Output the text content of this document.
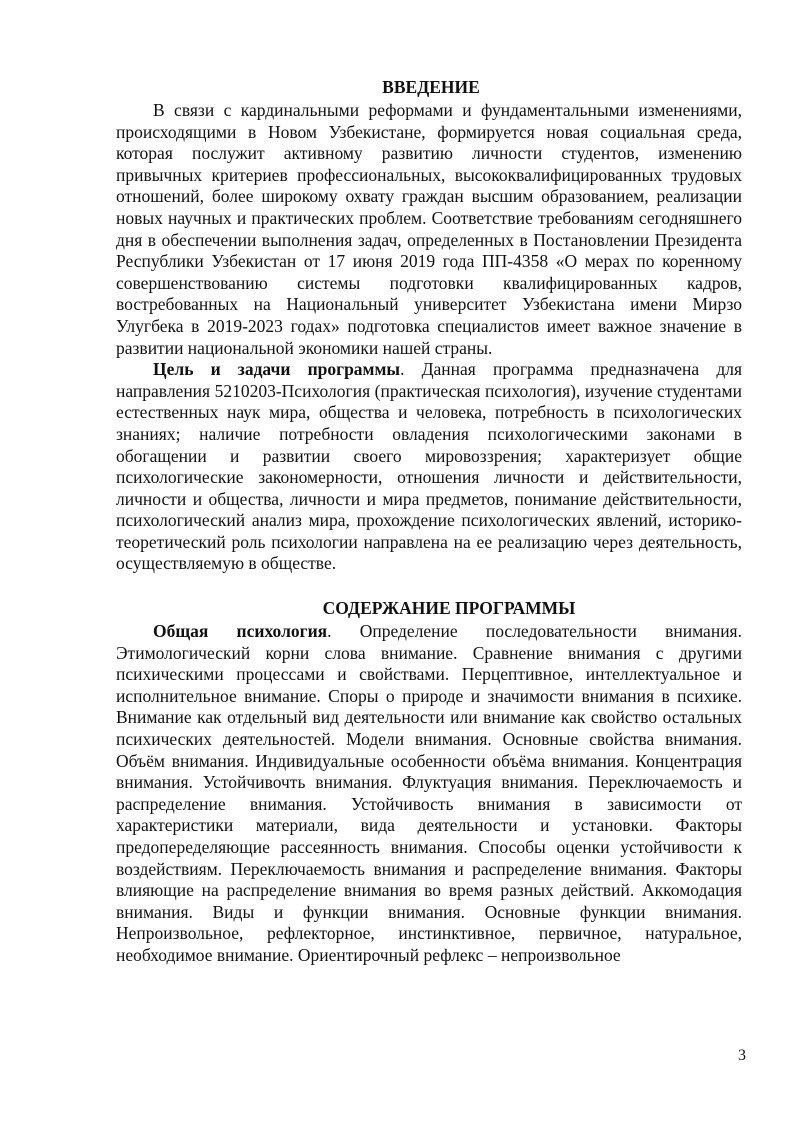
ВВЕДЕНИЕ

В связи с кардинальными реформами и фундаментальными изменениями, происходящими в Новом Узбекистане, формируется новая социальная среда, которая послужит активному развитию личности студентов, изменению привычных критериев профессиональных, высококвалифицированных трудовых отношений, более широкому охвату граждан высшим образованием, реализации новых научных и практических проблем. Соответствие требованиям сегодняшнего дня в обеспечении выполнения задач, определенных в Постановлении Президента Республики Узбекистан от 17 июня 2019 года ПП-4358 «О мерах по коренному совершенствованию системы подготовки квалифицированных кадров, востребованных на Национальный университет Узбекистана имени Мирзо Улугбека в 2019-2023 годах» подготовка специалистов имеет важное значение в развитии национальной экономики нашей страны.

Цель и задачи программы. Данная программа предназначена для направления 5210203-Психология (практическая психология), изучение студентами естественных наук мира, общества и человека, потребность в психологических знаниях; наличие потребности овладения психологическими законами в обогащении и развитии своего мировоззрения; характеризует общие психологические закономерности, отношения личности и действительности, личности и общества, личности и мира предметов, понимание действительности, психологический анализ мира, прохождение психологических явлений, историко-теоретический роль психологии направлена на ее реализацию через деятельность, осуществляемую в обществе.

СОДЕРЖАНИЕ ПРОГРАММЫ

Общая психология. Определение последовательности внимания. Этимологический корни слова внимание. Сравнение внимания с другими психическими процессами и свойствами. Перцептивное, интеллектуальное и исполнительное внимание. Споры о природе и значимости внимания в психике. Внимание как отдельный вид деятельности или внимание как свойство остальных психических деятельностей. Модели внимания. Основные свойства внимания. Объём внимания. Индивидуальные особенности объёма внимания. Концентрация внимания. Устойчивочть внимания. Флуктуация внимания. Переключаемость и распределение внимания. Устойчивость внимания в зависимости от характеристики материали, вида деятельности и установки. Факторы предопеределяющие рассеянность внимания. Способы оценки устойчивости к воздействиям. Переключаемость внимания и распределение внимания. Факторы влияющие на распределение внимания во время разных действий. Аккомодация внимания. Виды и функции внимания. Основные функции внимания. Непроизвольное, рефлекторное, инстинктивное, первичное, натуральное, необходимое внимание. Ориентирочный рефлекс – непроизвольное

3
